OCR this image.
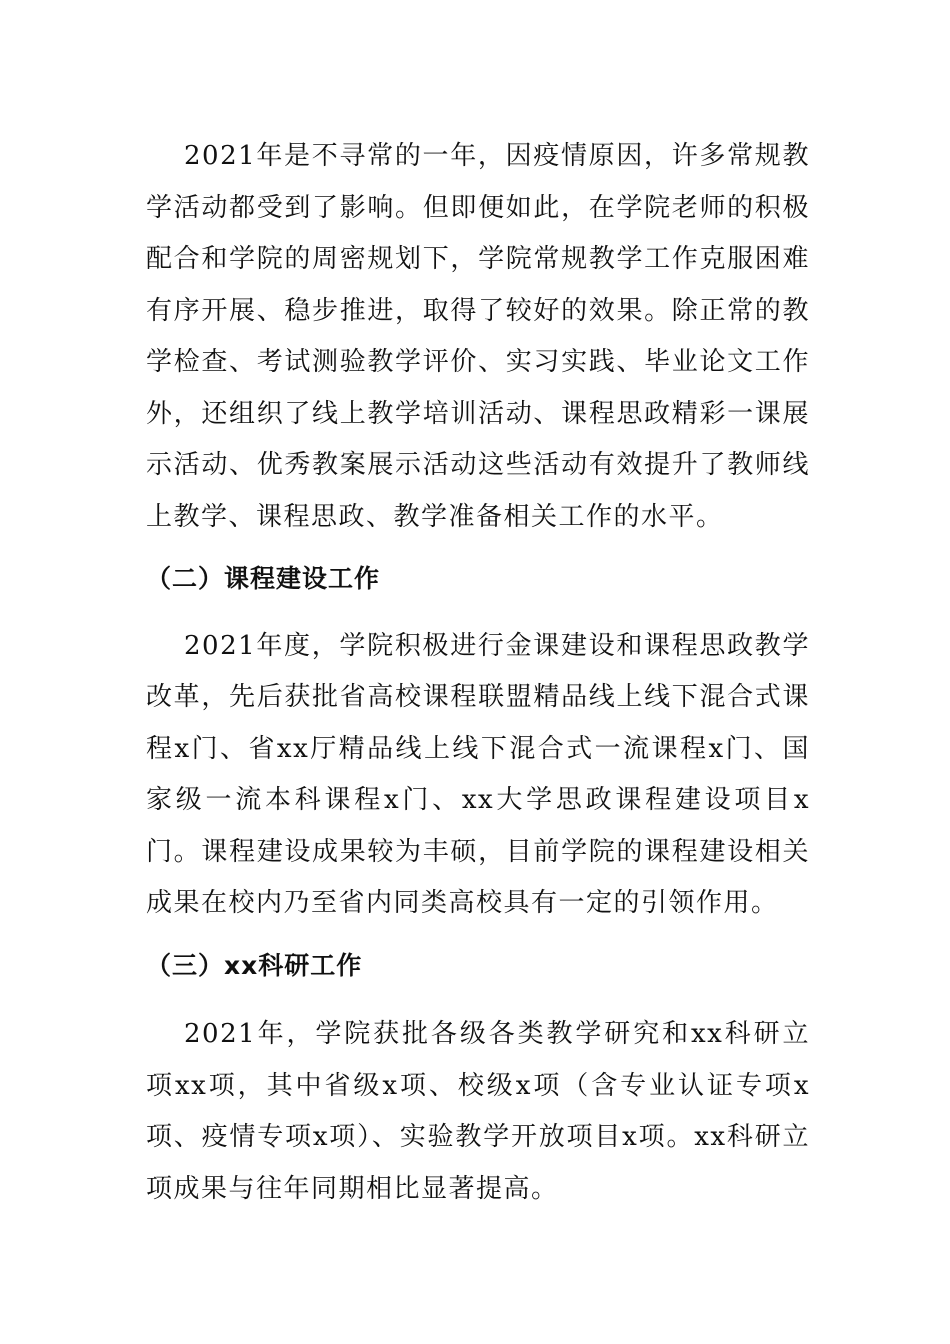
2021年是不寻常的一年，因疫情原因，许多常规教学活动都受到了影响。但即便如此，在学院老师的积极配合和学院的周密规划下，学院常规教学工作克服困难有序开展、稳步推进，取得了较好的效果。除正常的教学检查、考试测验教学评价、实习实践、毕业论文工作外，还组织了线上教学培训活动、课程思政精彩一课展示活动、优秀教案展示活动这些活动有效提升了教师线上教学、课程思政、教学准备相关工作的水平。

（二）课程建设工作

2021年度，学院积极进行金课建设和课程思政教学改革，先后获批省高校课程联盟精品线上线下混合式课程x门、省xx厅精品线上线下混合式一流课程x门、国家级一流本科课程x门、xx大学思政课程建设项目x门。课程建设成果较为丰硕，目前学院的课程建设相关成果在校内乃至省内同类高校具有一定的引领作用。

（三）xx科研工作

2021年，学院获批各级各类教学研究和xx科研立项xx项，其中省级x项、校级x项（含专业认证专项x项、疫情专项x项）、实验教学开放项目x项。xx科研立项成果与往年同期相比显著提高。
